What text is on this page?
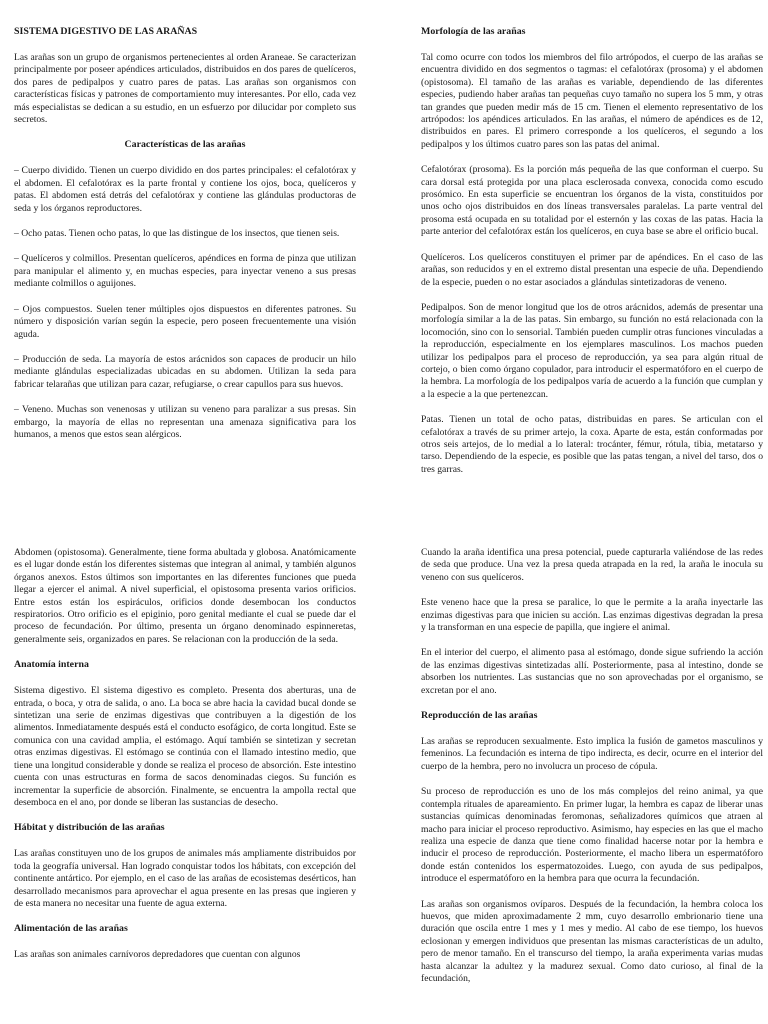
SISTEMA DIGESTIVO DE LAS ARAÑAS

Las arañas son un grupo de organismos pertenecientes al orden Araneae. Se caracterizan principalmente por poseer apéndices articulados, distribuidos en dos pares de quelíceros, dos pares de pedipalpos y cuatro pares de patas. Las arañas son organismos con características físicas y patrones de comportamiento muy interesantes. Por ello, cada vez más especialistas se dedican a su estudio, en un esfuerzo por dilucidar por completo sus secretos.

Características de las arañas

– Cuerpo dividido. Tienen un cuerpo dividido en dos partes principales: el cefalotórax y el abdomen. El cefalotórax es la parte frontal y contiene los ojos, boca, quelíceros y patas. El abdomen está detrás del cefalotórax y contiene las glándulas productoras de seda y los órganos reproductores.

– Ocho patas. Tienen ocho patas, lo que las distingue de los insectos, que tienen seis.

– Quelíceros y colmillos. Presentan quelíceros, apéndices en forma de pinza que utilizan para manipular el alimento y, en muchas especies, para inyectar veneno a sus presas mediante colmillos o aguijones.

– Ojos compuestos. Suelen tener múltiples ojos dispuestos en diferentes patrones. Su número y disposición varían según la especie, pero poseen frecuentemente una visión aguda.

– Producción de seda. La mayoría de estos arácnidos son capaces de producir un hilo mediante glándulas especializadas ubicadas en su abdomen. Utilizan la seda para fabricar telarañas que utilizan para cazar, refugiarse, o crear capullos para sus huevos.

– Veneno. Muchas son venenosas y utilizan su veneno para paralizar a sus presas. Sin embargo, la mayoría de ellas no representan una amenaza significativa para los humanos, a menos que estos sean alérgicos.

Morfología de las arañas

Tal como ocurre con todos los miembros del filo artrópodos, el cuerpo de las arañas se encuentra dividido en dos segmentos o tagmas: el cefalotórax (prosoma) y el abdomen (opistosoma). El tamaño de las arañas es variable, dependiendo de las diferentes especies, pudiendo haber arañas tan pequeñas cuyo tamaño no supera los 5 mm, y otras tan grandes que pueden medir más de 15 cm. Tienen el elemento representativo de los artrópodos: los apéndices articulados. En las arañas, el número de apéndices es de 12, distribuidos en pares. El primero corresponde a los quelíceros, el segundo a los pedipalpos y los últimos cuatro pares son las patas del animal.

Cefalotórax (prosoma). Es la porción más pequeña de las que conforman el cuerpo. Su cara dorsal está protegida por una placa esclerosada convexa, conocida como escudo prosómico. En esta superficie se encuentran los órganos de la vista, constituidos por unos ocho ojos distribuidos en dos líneas transversales paralelas. La parte ventral del prosoma está ocupada en su totalidad por el esternón y las coxas de las patas. Hacia la parte anterior del cefalotórax están los quelíceros, en cuya base se abre el orificio bucal.

Quelíceros. Los quelíceros constituyen el primer par de apéndices. En el caso de las arañas, son reducidos y en el extremo distal presentan una especie de uña. Dependiendo de la especie, pueden o no estar asociados a glándulas sintetizadoras de veneno.

Pedipalpos. Son de menor longitud que los de otros arácnidos, además de presentar una morfología similar a la de las patas. Sin embargo, su función no está relacionada con la locomoción, sino con lo sensorial. También pueden cumplir otras funciones vinculadas a la reproducción, especialmente en los ejemplares masculinos. Los machos pueden utilizar los pedipalpos para el proceso de reproducción, ya sea para algún ritual de cortejo, o bien como órgano copulador, para introducir el espermatóforo en el cuerpo de la hembra. La morfología de los pedipalpos varía de acuerdo a la función que cumplan y a la especie a la que pertenezcan.

Patas. Tienen un total de ocho patas, distribuidas en pares. Se articulan con el cefalotórax a través de su primer artejo, la coxa. Aparte de esta, están conformadas por otros seis artejos, de lo medial a lo lateral: trocánter, fémur, rótula, tibia, metatarso y tarso. Dependiendo de la especie, es posible que las patas tengan, a nivel del tarso, dos o tres garras.

Abdomen (opistosoma). Generalmente, tiene forma abultada y globosa. Anatómicamente es el lugar donde están los diferentes sistemas que integran al animal, y también algunos órganos anexos. Estos últimos son importantes en las diferentes funciones que pueda llegar a ejercer el animal. A nivel superficial, el opistosoma presenta varios orificios. Entre estos están los espiráculos, orificios donde desembocan los conductos respiratorios. Otro orificio es el epiginio, poro genital mediante el cual se puede dar el proceso de fecundación. Por último, presenta un órgano denominado espinneretas, generalmente seis, organizados en pares. Se relacionan con la producción de la seda.

Anatomía interna

Sistema digestivo. El sistema digestivo es completo. Presenta dos aberturas, una de entrada, o boca, y otra de salida, o ano. La boca se abre hacia la cavidad bucal donde se sintetizan una serie de enzimas digestivas que contribuyen a la digestión de los alimentos. Inmediatamente después está el conducto esofágico, de corta longitud. Este se comunica con una cavidad amplia, el estómago. Aquí también se sintetizan y secretan otras enzimas digestivas. El estómago se continúa con el llamado intestino medio, que tiene una longitud considerable y donde se realiza el proceso de absorción. Este intestino cuenta con unas estructuras en forma de sacos denominadas ciegos. Su función es incrementar la superficie de absorción. Finalmente, se encuentra la ampolla rectal que desemboca en el ano, por donde se liberan las sustancias de desecho.

Hábitat y distribución de las arañas

Las arañas constituyen uno de los grupos de animales más ampliamente distribuidos por toda la geografía universal. Han logrado conquistar todos los hábitats, con excepción del continente antártico. Por ejemplo, en el caso de las arañas de ecosistemas desérticos, han desarrollado mecanismos para aprovechar el agua presente en las presas que ingieren y de esta manera no necesitar una fuente de agua externa.

Alimentación de las arañas

Las arañas son animales carnívoros depredadores que cuentan con algunos

Cuando la araña identifica una presa potencial, puede capturarla valiéndose de las redes de seda que produce. Una vez la presa queda atrapada en la red, la araña le inocula su veneno con sus quelíceros.

Este veneno hace que la presa se paralice, lo que le permite a la araña inyectarle las enzimas digestivas para que inicien su acción. Las enzimas digestivas degradan la presa y la transforman en una especie de papilla, que ingiere el animal.

En el interior del cuerpo, el alimento pasa al estómago, donde sigue sufriendo la acción de las enzimas digestivas sintetizadas allí. Posteriormente, pasa al intestino, donde se absorben los nutrientes. Las sustancias que no son aprovechadas por el organismo, se excretan por el ano.

Reproducción de las arañas

Las arañas se reproducen sexualmente. Esto implica la fusión de gametos masculinos y femeninos. La fecundación es interna de tipo indirecta, es decir, ocurre en el interior del cuerpo de la hembra, pero no involucra un proceso de cópula.

Su proceso de reproducción es uno de los más complejos del reino animal, ya que contempla rituales de apareamiento. En primer lugar, la hembra es capaz de liberar unas sustancias químicas denominadas feromonas, señalizadores químicos que atraen al macho para iniciar el proceso reproductivo. Asimismo, hay especies en las que el macho realiza una especie de danza que tiene como finalidad hacerse notar por la hembra e inducir el proceso de reproducción. Posteriormente, el macho libera un espermatóforo donde están contenidos los espermatozoides. Luego, con ayuda de sus pedipalpos, introduce el espermatóforo en la hembra para que ocurra la fecundación.

Las arañas son organismos ovíparos. Después de la fecundación, la hembra coloca los huevos, que miden aproximadamente 2 mm, cuyo desarrollo embrionario tiene una duración que oscila entre 1 mes y 1 mes y medio. Al cabo de ese tiempo, los huevos eclosionan y emergen individuos que presentan las mismas características de un adulto, pero de menor tamaño. En el transcurso del tiempo, la araña experimenta varias mudas hasta alcanzar la adultez y la madurez sexual. Como dato curioso, al final de la fecundación,
